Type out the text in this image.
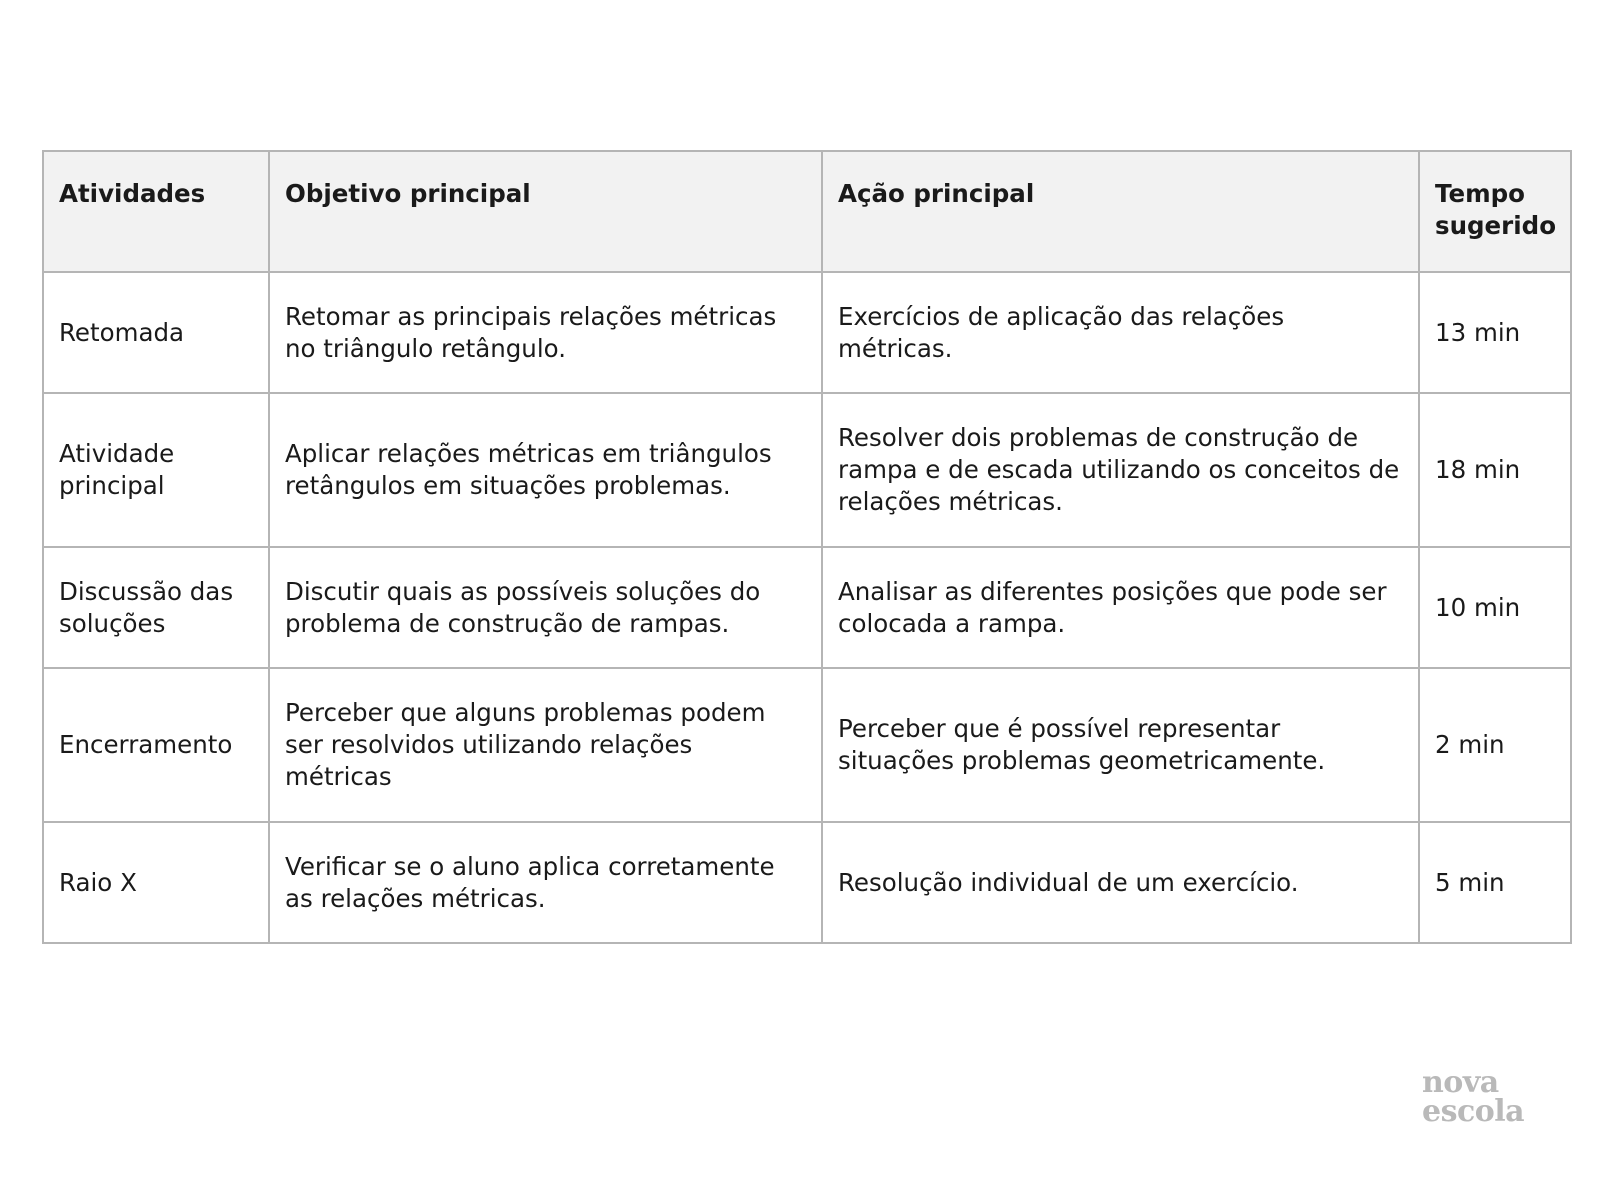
Atividades	Objetivo principal	Ação principal	Tempo sugerido
Retomada	Retomar as principais relações métricas no triângulo retângulo.	Exercícios de aplicação das relações métricas.	13 min
Atividade principal	Aplicar relações métricas em triângulos retângulos em situações problemas.	Resolver dois problemas de construção de rampa e de escada utilizando os conceitos de relações métricas.	18 min
Discussão das soluções	Discutir quais as possíveis soluções do problema de construção de rampas.	Analisar as diferentes posições que pode ser colocada a rampa.	10 min
Encerramento	Perceber que alguns problemas podem ser resolvidos utilizando relações métricas	Perceber que é possível representar situações problemas geometricamente.	2 min
Raio X	Verificar se o aluno aplica corretamente as relações métricas.	Resolução individual de um exercício.	5 min
nova
escola
